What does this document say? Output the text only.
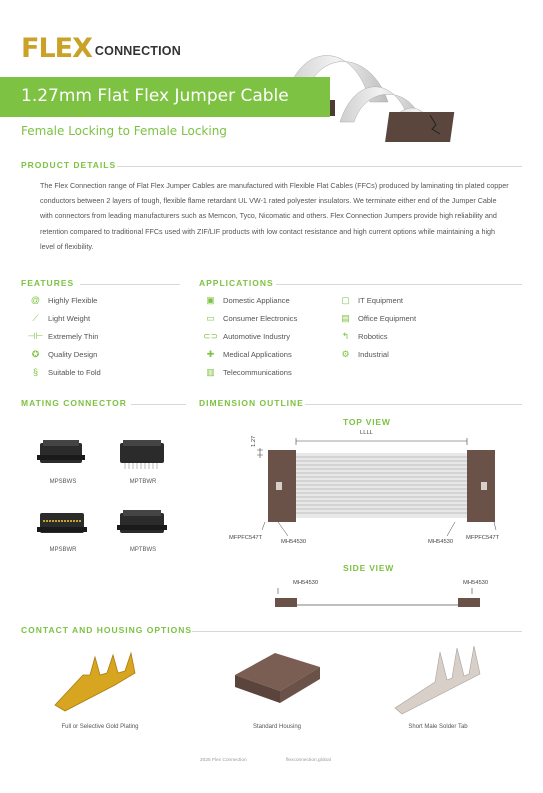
FLEX CONNECTION
1.27mm Flat Flex Jumper Cable
Female Locking to Female Locking
PRODUCT DETAILS
The Flex Connection range of Flat Flex Jumper Cables are manufactured with Flexible Flat Cables (FFCs) produced by laminating tin plated copper conductors between 2 layers of tough, flexible flame retardant UL VW-1 rated polyester insulators. We terminate either end of the Jumper Cable with connectors from leading manufacturers such as Memcon, Tyco, Nicomatic and others. Flex Connection Jumpers provide high reliability and retention compared to traditional FFCs used with ZIF/LIF products with low contact resistance and high current options while maintaining a high level of flexibility.
FEATURES
@ Highly Flexible
⟋	Light Weight
⊣⊢ Extremely Thin
✪ Quality Design
§	Suitable to Fold
APPLICATIONS
▣ Domestic Appliance
▭ Consumer Electronics
⊂⊃ Automotive Industry
✚ Medical Applications
▥ Telecommunications
▢ IT Equipment
▤ Office Equipment
↰ Robotics
⚙ Industrial
MATING CONNECTOR
MPSBWS	MPTBWR
MPSBWR	MPTBWS
DIMENSION OUTLINE
TOP VIEW
LLLL
1.27
MFPFC547T
MH54530	MH54530
MFPFC547T
SIDE VIEW
MH54530	MH54530
CONTACT AND HOUSING OPTIONS
Full or Selective Gold Plating	Standard Housing	Short Male Solder Tab
2025 Flex Connection	flexconnection.global
